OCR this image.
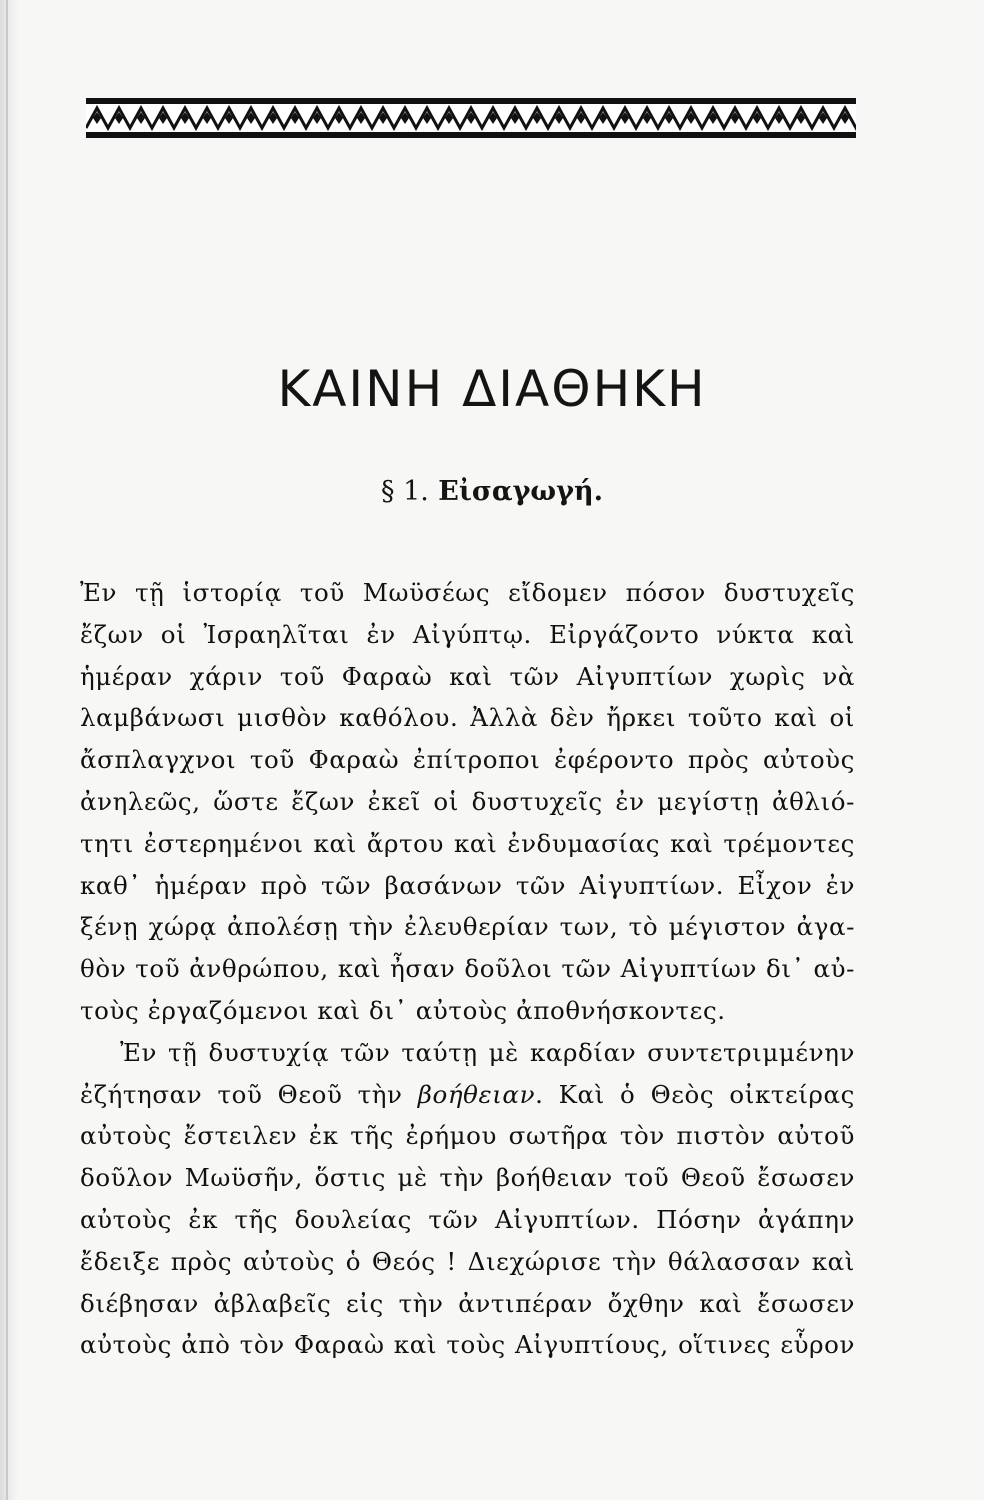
ΚΑΙΝΗ ΔΙΑΘΗΚΗ
§ 1. Εἰσαγωγή.
Ἐν τῇ ἱστορίᾳ τοῦ Μωϋσέως εἴδομεν πόσον δυστυχεῖς
ἔζων οἱ Ἰσραηλῖται ἐν Αἰγύπτῳ. Εἰργάζοντο νύκτα καὶ
ἡμέραν χάριν τοῦ Φαραὼ καὶ τῶν Αἰγυπτίων χωρὶς νὰ
λαμβάνωσι μισθὸν καθόλου. Ἀλλὰ δὲν ἤρκει τοῦτο καὶ οἱ
ἄσπλαγχνοι τοῦ Φαραὼ ἐπίτροποι ἐφέροντο πρὸς αὐτοὺς
ἀνηλεῶς, ὥστε ἔζων ἐκεῖ οἱ δυστυχεῖς ἐν μεγίστῃ ἀθλιό-
τητι ἐστερημένοι καὶ ἄρτου καὶ ἐνδυμασίας καὶ τρέμοντες
καθ᾽ ἡμέραν πρὸ τῶν βασάνων τῶν Αἰγυπτίων. Εἶχον ἐν
ξένῃ χώρᾳ ἀπολέσῃ τὴν ἐλευθερίαν των, τὸ μέγιστον ἀγα-
θὸν τοῦ ἀνθρώπου, καὶ ἦσαν δοῦλοι τῶν Αἰγυπτίων δι᾽ αὐ-
τοὺς ἐργαζόμενοι καὶ δι᾽ αὐτοὺς ἀποθνήσκοντες.
Ἐν τῇ δυστυχίᾳ τῶν ταύτῃ μὲ καρδίαν συντετριμμένην
ἐζήτησαν τοῦ Θεοῦ τὴν βοήθειαν. Καὶ ὁ Θεὸς οἰκτείρας
αὐτοὺς ἔστειλεν ἐκ τῆς ἐρήμου σωτῆρα τὸν πιστὸν αὐτοῦ
δοῦλον Μωϋσῆν, ὅστις μὲ τὴν βοήθειαν τοῦ Θεοῦ ἔσωσεν
αὐτοὺς ἐκ τῆς δουλείας τῶν Αἰγυπτίων. Πόσην ἀγάπην
ἔδειξε πρὸς αὐτοὺς ὁ Θεός ! Διεχώρισε τὴν θάλασσαν καὶ
διέβησαν ἀβλαβεῖς εἰς τὴν ἀντιπέραν ὄχθην καὶ ἔσωσεν
αὐτοὺς ἀπὸ τὸν Φαραὼ καὶ τοὺς Αἰγυπτίους, οἵτινες εὗρον
